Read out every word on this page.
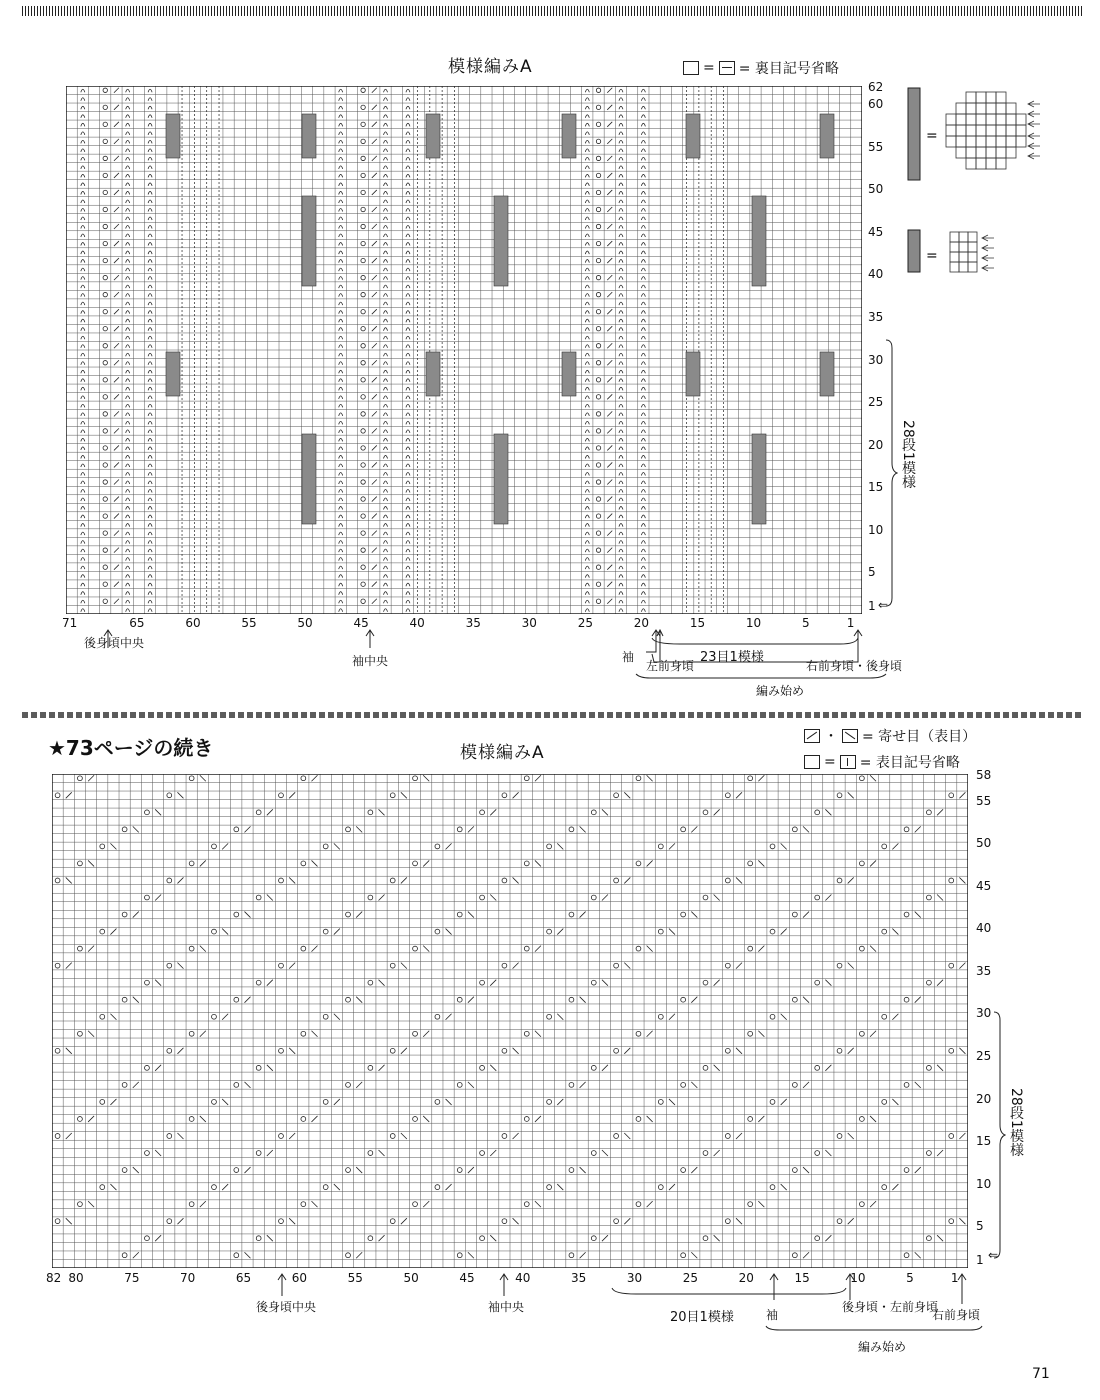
模様編みA	= = 裏目記号省略
=
=
62
60
55
50
45
40
35
30
25
20
15
10
5
1
71	65	60	55	50	45	40	35	30	25	20	15	10	5	1
28段1模様
⇐
後身頃中央
袖中央	袖
左前身頃
23目1模様
右前身頃・後身頃
編み始め
★73ページの続き	模様編みA
・ = 寄せ目（表目）
= = 表目記号省略
58
55
50
45
40
35
30
25
20
15
10
5
1
82 80	75	70	65	60	55	50	45	40	35	30	25	20	15	10	5	1
28段1模様
⇐
後身頃中央	袖中央
20目1模様	袖
後身頃・左前身頃
右前身頃
編み始め
71
